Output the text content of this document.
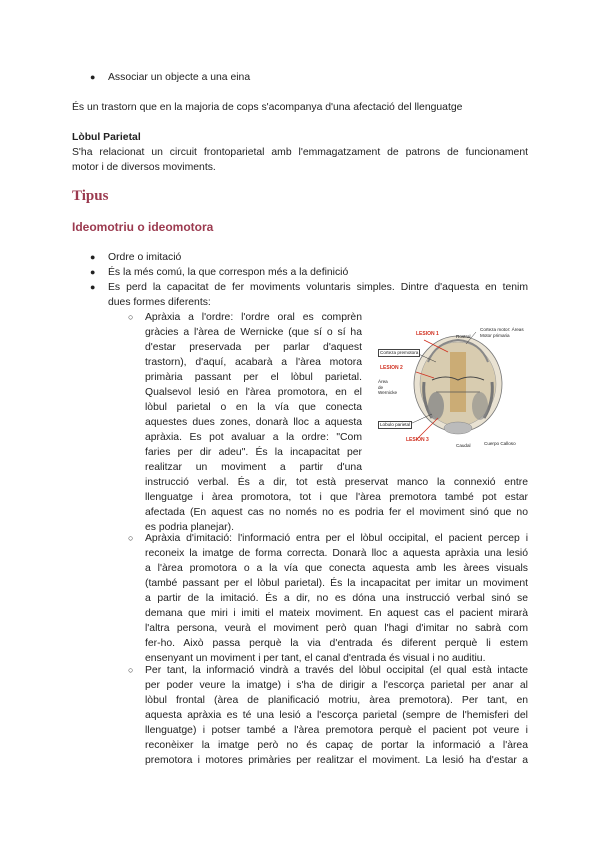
● Associar un objecte a una eina
És un trastorn que en la majoria de cops s'acompanya d'una afectació del llenguatge
Lòbul Parietal
S'ha relacionat un circuit frontoparietal amb l'emmagatzament de patrons de funcionament
motor i de diversos moviments.
Tipus
Ideomotriu o ideomotora
● Ordre o imitació
● És la més comú, la que correspon més a la definició
● Es perd la capacitat de fer moviments voluntaris simples. Dintre d'aquesta en tenim
dues formes diferents:
○ Apràxia a l'ordre: l'ordre oral es comprèn
gràcies a l'àrea de Wernicke (que sí o sí ha
d'estar preservada per parlar d'aquest
trastorn), d'aquí, acabarà a l'àrea motora
primària passant per el lòbul parietal.
Qualsevol lesió en l'àrea promotora, en el
lòbul parietal o en la vía que conecta
aquestes dues zones, donarà lloc a aquesta
apràxia. Es pot avaluar a la ordre: "Com
faries per dir adeu". És la incapacitat per
realitzar un moviment a partir d'una
instrucció verbal. És a dir, tot està preservat manco la connexió entre
llenguatge i àrea promotora, tot i que l'àrea premotora també pot estar
afectada (En aquest cas no només no es podria fer el moviment sinó que no
es podria planejar).
LESION 1	Rostral
Corteza motor: Áreas
Motor primaria
Corteza premotora
LESION 2
Área
de
Wernicke
Lobulo parietal
LESION 3
Caudal	Cuerpo Calloso
○ Apràxia d'imitació: l'informació entra per el lòbul occipital, el pacient percep i
reconeix la imatge de forma correcta. Donarà lloc a aquesta apràxia una lesió
a l'àrea promotora o a la vía que conecta aquesta amb les àrees visuals
(també passant per el lòbul parietal). És la incapacitat per imitar un moviment
a partir de la imitació. És a dir, no es dóna una instrucció verbal sinó se
demana que miri i imiti el mateix moviment. En aquest cas el pacient mirarà
l'altra persona, veurà el moviment però quan l'hagi d'imitar no sabrà com
fer-ho. Això passa perquè la via d'entrada és diferent perquè li estem
ensenyant un moviment i per tant, el canal d'entrada és visual i no auditiu.
○ Per tant, la informació vindrà a través del lòbul occipital (el qual està intacte
per poder veure la imatge) i s'ha de dirigir a l'escorça parietal per anar al
lòbul frontal (àrea de planificació motriu, àrea premotora). Per tant, en
aquesta apràxia es té una lesió a l'escorça parietal (sempre de l'hemisferi del
llenguatge) i potser també a l'àrea premotora perquè el pacient pot veure i
reconèixer la imatge però no és capaç de portar la informació a l'àrea
premotora i motores primàries per realitzar el moviment. La lesió ha d'estar a
